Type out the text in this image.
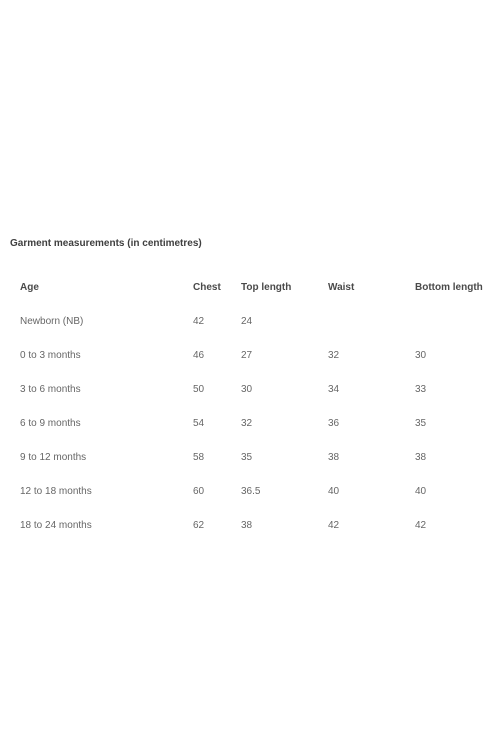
Garment measurements (in centimetres)
Age	Chest	Top length	Waist	Bottom length
Newborn (NB)	42	24		
0 to 3 months	46	27	32	30
3 to 6 months	50	30	34	33
6 to 9 months	54	32	36	35
9 to 12 months	58	35	38	38
12 to 18 months	60	36.5	40	40
18 to 24 months	62	38	42	42
